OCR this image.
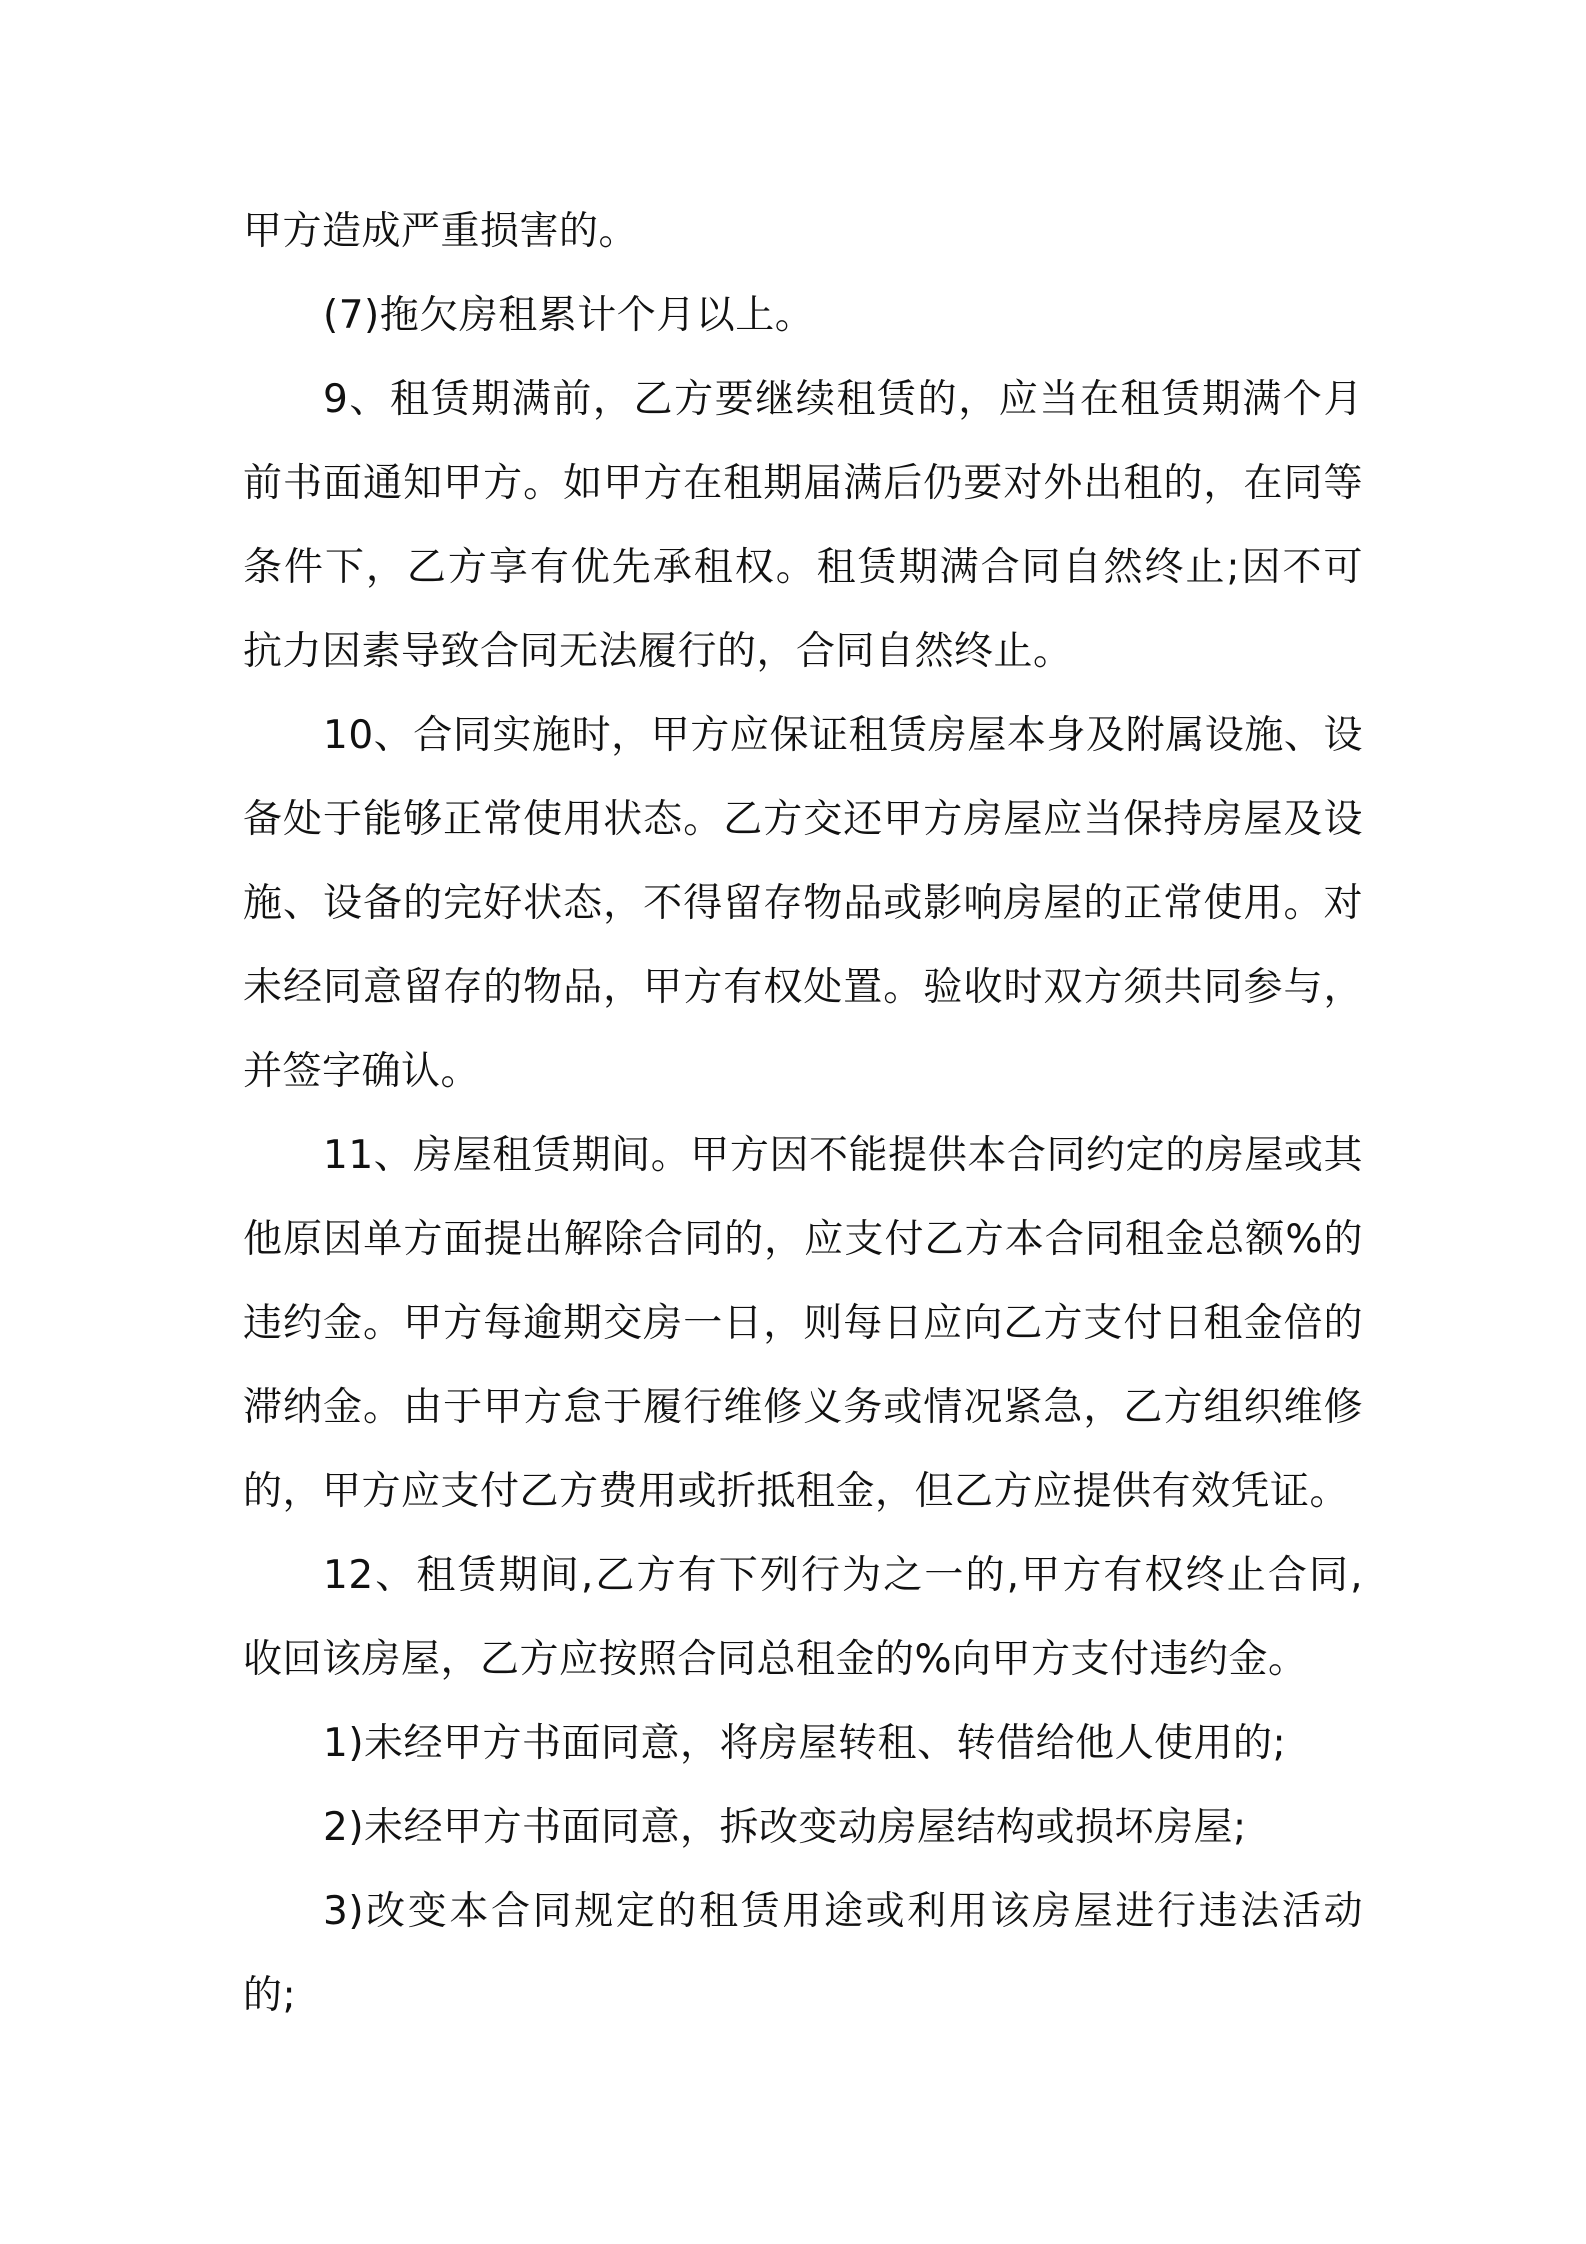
甲方造成严重损害的。
(7)拖欠房租累计个月以上。
9、租赁期满前，乙方要继续租赁的，应当在租赁期满个月
前书面通知甲方。如甲方在租期届满后仍要对外出租的，在同等
条件下，乙方享有优先承租权。租赁期满合同自然终止;因不可
抗力因素导致合同无法履行的，合同自然终止。
10、合同实施时，甲方应保证租赁房屋本身及附属设施、设
备处于能够正常使用状态。乙方交还甲方房屋应当保持房屋及设
施、设备的完好状态，不得留存物品或影响房屋的正常使用。对
未经同意留存的物品，甲方有权处置。验收时双方须共同参与，
并签字确认。
11、房屋租赁期间。甲方因不能提供本合同约定的房屋或其
他原因单方面提出解除合同的，应支付乙方本合同租金总额%的
违约金。甲方每逾期交房一日，则每日应向乙方支付日租金倍的
滞纳金。由于甲方怠于履行维修义务或情况紧急，乙方组织维修
的，甲方应支付乙方费用或折抵租金，但乙方应提供有效凭证。
12、租赁期间,乙方有下列行为之一的,甲方有权终止合同,
收回该房屋，乙方应按照合同总租金的%向甲方支付违约金。
1)未经甲方书面同意，将房屋转租、转借给他人使用的;
2)未经甲方书面同意，拆改变动房屋结构或损坏房屋;
3)改变本合同规定的租赁用途或利用该房屋进行违法活动
的;
